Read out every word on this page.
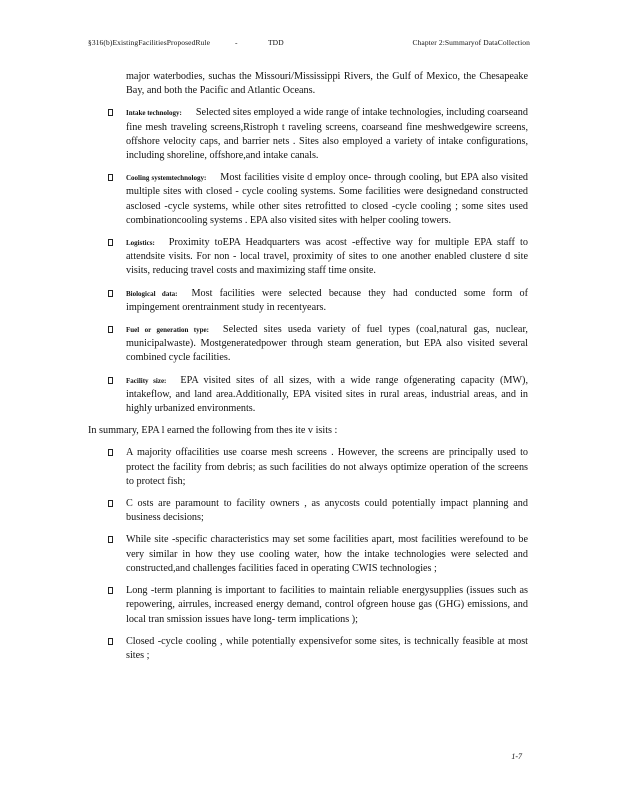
§316(b)ExistingFacilitiesProposedRule	-	TDD	Chapter 2:Summaryof DataCollection
major waterbodies, suchas the Missouri/Mississippi Rivers, the Gulf of Mexico, the Chesapeake Bay, and both the Pacific and Atlantic Oceans.
Intake technology: Selected sites employed a wide range of intake technologies, including coarseand fine mesh traveling screens,Ristroph t raveling screens, coarseand fine meshwedgewire screens, offshore velocity caps, and barrier nets . Sites also employed a variety of intake configurations, including shoreline, offshore,and intake canals.
Cooling systemtechnology: Most facilities visite d employ once- through cooling, but EPA also visited multiple sites with closed - cycle cooling systems. Some facilities were designedand constructed asclosed -cycle systems, while other sites retrofitted to closed -cycle cooling ; some sites used combinationcooling systems . EPA also visited sites with helper cooling towers.
Logistics: Proximity toEPA Headquarters was acost -effective way for multiple EPA staff to attendsite visits. For non - local travel, proximity of sites to one another enabled clustere d site visits, reducing travel costs and maximizing staff time onsite.
Biological data: Most facilities were selected because they had conducted some form of impingement orentrainment study in recentyears.
Fuel or generation type: Selected sites useda variety of fuel types (coal,natural gas, nuclear, municipalwaste). Mostgeneratedpower through steam generation, but EPA also visited several combined cycle facilities.
Facility size: EPA visited sites of all sizes, with a wide range ofgenerating capacity (MW), intakeflow, and land area.Additionally, EPA visited sites in rural areas, industrial areas, and in highly urbanized environments.
In summary, EPA l earned the following from thes ite v isits :
A majority offacilities use coarse mesh screens . However, the screens are principally used to protect the facility from debris; as such facilities do not always optimize operation of the screens to protect fish;
C osts are paramount to facility owners , as anycosts could potentially impact planning and business decisions;
While site -specific characteristics may set some facilities apart, most facilities werefound to be very similar in how they use cooling water, how the intake technologies were selected and constructed,and challenges facilities faced in operating CWIS technologies ;
Long -term planning is important to facilities to maintain reliable energysupplies (issues such as repowering, airrules, increased energy demand, control ofgreen house gas (GHG) emissions, and local tran smission issues have long- term implications );
Closed -cycle cooling , while potentially expensivefor some sites, is technically feasible at most sites ;
1-7
